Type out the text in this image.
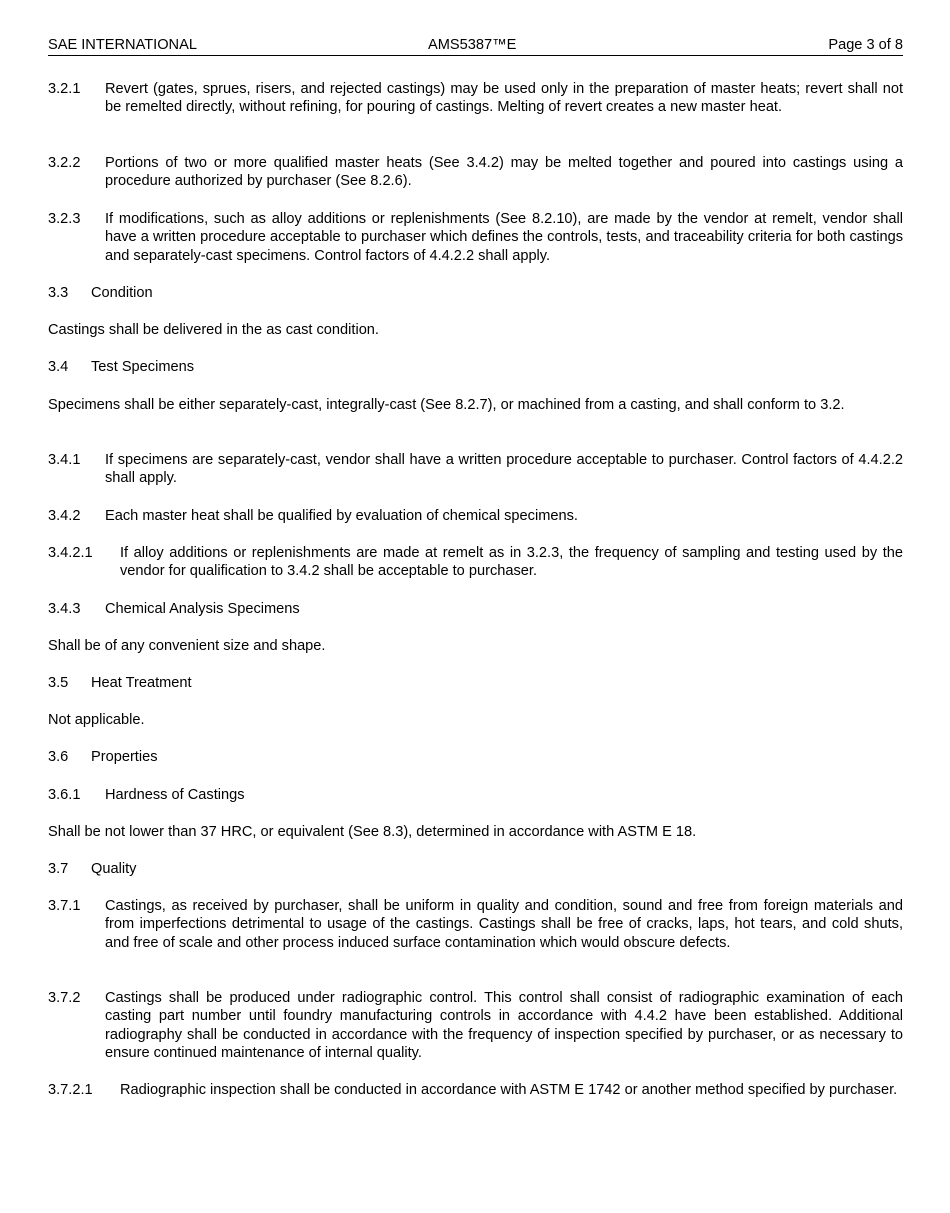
SAE INTERNATIONAL	AMS5387™E	Page 3 of 8
3.2.1	Revert (gates, sprues, risers, and rejected castings) may be used only in the preparation of master heats; revert shall not be remelted directly, without refining, for pouring of castings. Melting of revert creates a new master heat.
3.2.2	Portions of two or more qualified master heats (See 3.4.2) may be melted together and poured into castings using a procedure authorized by purchaser (See 8.2.6).
3.2.3	If modifications, such as alloy additions or replenishments (See 8.2.10), are made by the vendor at remelt, vendor shall have a written procedure acceptable to purchaser which defines the controls, tests, and traceability criteria for both castings and separately-cast specimens. Control factors of 4.4.2.2 shall apply.
3.3 Condition
Castings shall be delivered in the as cast condition.
3.4 Test Specimens
Specimens shall be either separately-cast, integrally-cast (See 8.2.7), or machined from a casting, and shall conform to 3.2.
3.4.1	If specimens are separately-cast, vendor shall have a written procedure acceptable to purchaser. Control factors of 4.4.2.2 shall apply.
3.4.2	Each master heat shall be qualified by evaluation of chemical specimens.
3.4.2.1	If alloy additions or replenishments are made at remelt as in 3.2.3, the frequency of sampling and testing used by the vendor for qualification to 3.4.2 shall be acceptable to purchaser.
3.4.3 Chemical Analysis Specimens
Shall be of any convenient size and shape.
3.5 Heat Treatment
Not applicable.
3.6 Properties
3.6.1 Hardness of Castings
Shall be not lower than 37 HRC, or equivalent (See 8.3), determined in accordance with ASTM E 18.
3.7 Quality
3.7.1	Castings, as received by purchaser, shall be uniform in quality and condition, sound and free from foreign materials and from imperfections detrimental to usage of the castings. Castings shall be free of cracks, laps, hot tears, and cold shuts, and free of scale and other process induced surface contamination which would obscure defects.
3.7.2	Castings shall be produced under radiographic control. This control shall consist of radiographic examination of each casting part number until foundry manufacturing controls in accordance with 4.4.2 have been established. Additional radiography shall be conducted in accordance with the frequency of inspection specified by purchaser, or as necessary to ensure continued maintenance of internal quality.
3.7.2.1	Radiographic inspection shall be conducted in accordance with ASTM E 1742 or another method specified by purchaser.
